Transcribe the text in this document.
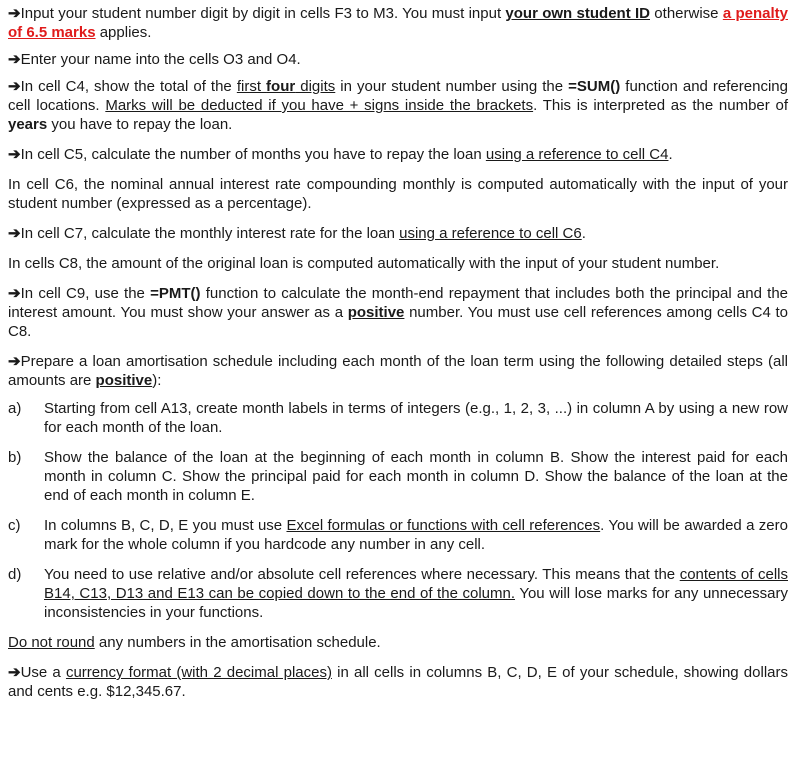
➔Input your student number digit by digit in cells F3 to M3. You must input your own student ID otherwise a penalty of 6.5 marks applies.

➔Enter your name into the cells O3 and O4.

➔In cell C4, show the total of the first four digits in your student number using the =SUM() function and referencing cell locations. Marks will be deducted if you have + signs inside the brackets. This is interpreted as the number of years you have to repay the loan.

➔In cell C5, calculate the number of months you have to repay the loan using a reference to cell C4.

In cell C6, the nominal annual interest rate compounding monthly is computed automatically with the input of your student number (expressed as a percentage).

➔In cell C7, calculate the monthly interest rate for the loan using a reference to cell C6.

In cells C8, the amount of the original loan is computed automatically with the input of your student number.

➔In cell C9, use the =PMT() function to calculate the month-end repayment that includes both the principal and the interest amount. You must show your answer as a positive number. You must use cell references among cells C4 to C8.

➔Prepare a loan amortisation schedule including each month of the loan term using the following detailed steps (all amounts are positive):

a)	Starting from cell A13, create month labels in terms of integers (e.g., 1, 2, 3, ...) in column A by using a new row for each month of the loan.
b)	Show the balance of the loan at the beginning of each month in column B. Show the interest paid for each month in column C. Show the principal paid for each month in column D. Show the balance of the loan at the end of each month in column E.
c)	In columns B, C, D, E you must use Excel formulas or functions with cell references. You will be awarded a zero mark for the whole column if you hardcode any number in any cell.
d)	You need to use relative and/or absolute cell references where necessary. This means that the contents of cells B14, C13, D13 and E13 can be copied down to the end of the column. You will lose marks for any unnecessary inconsistencies in your functions.

Do not round any numbers in the amortisation schedule.

➔Use a currency format (with 2 decimal places) in all cells in columns B, C, D, E of your schedule, showing dollars and cents e.g. $12,345.67.
